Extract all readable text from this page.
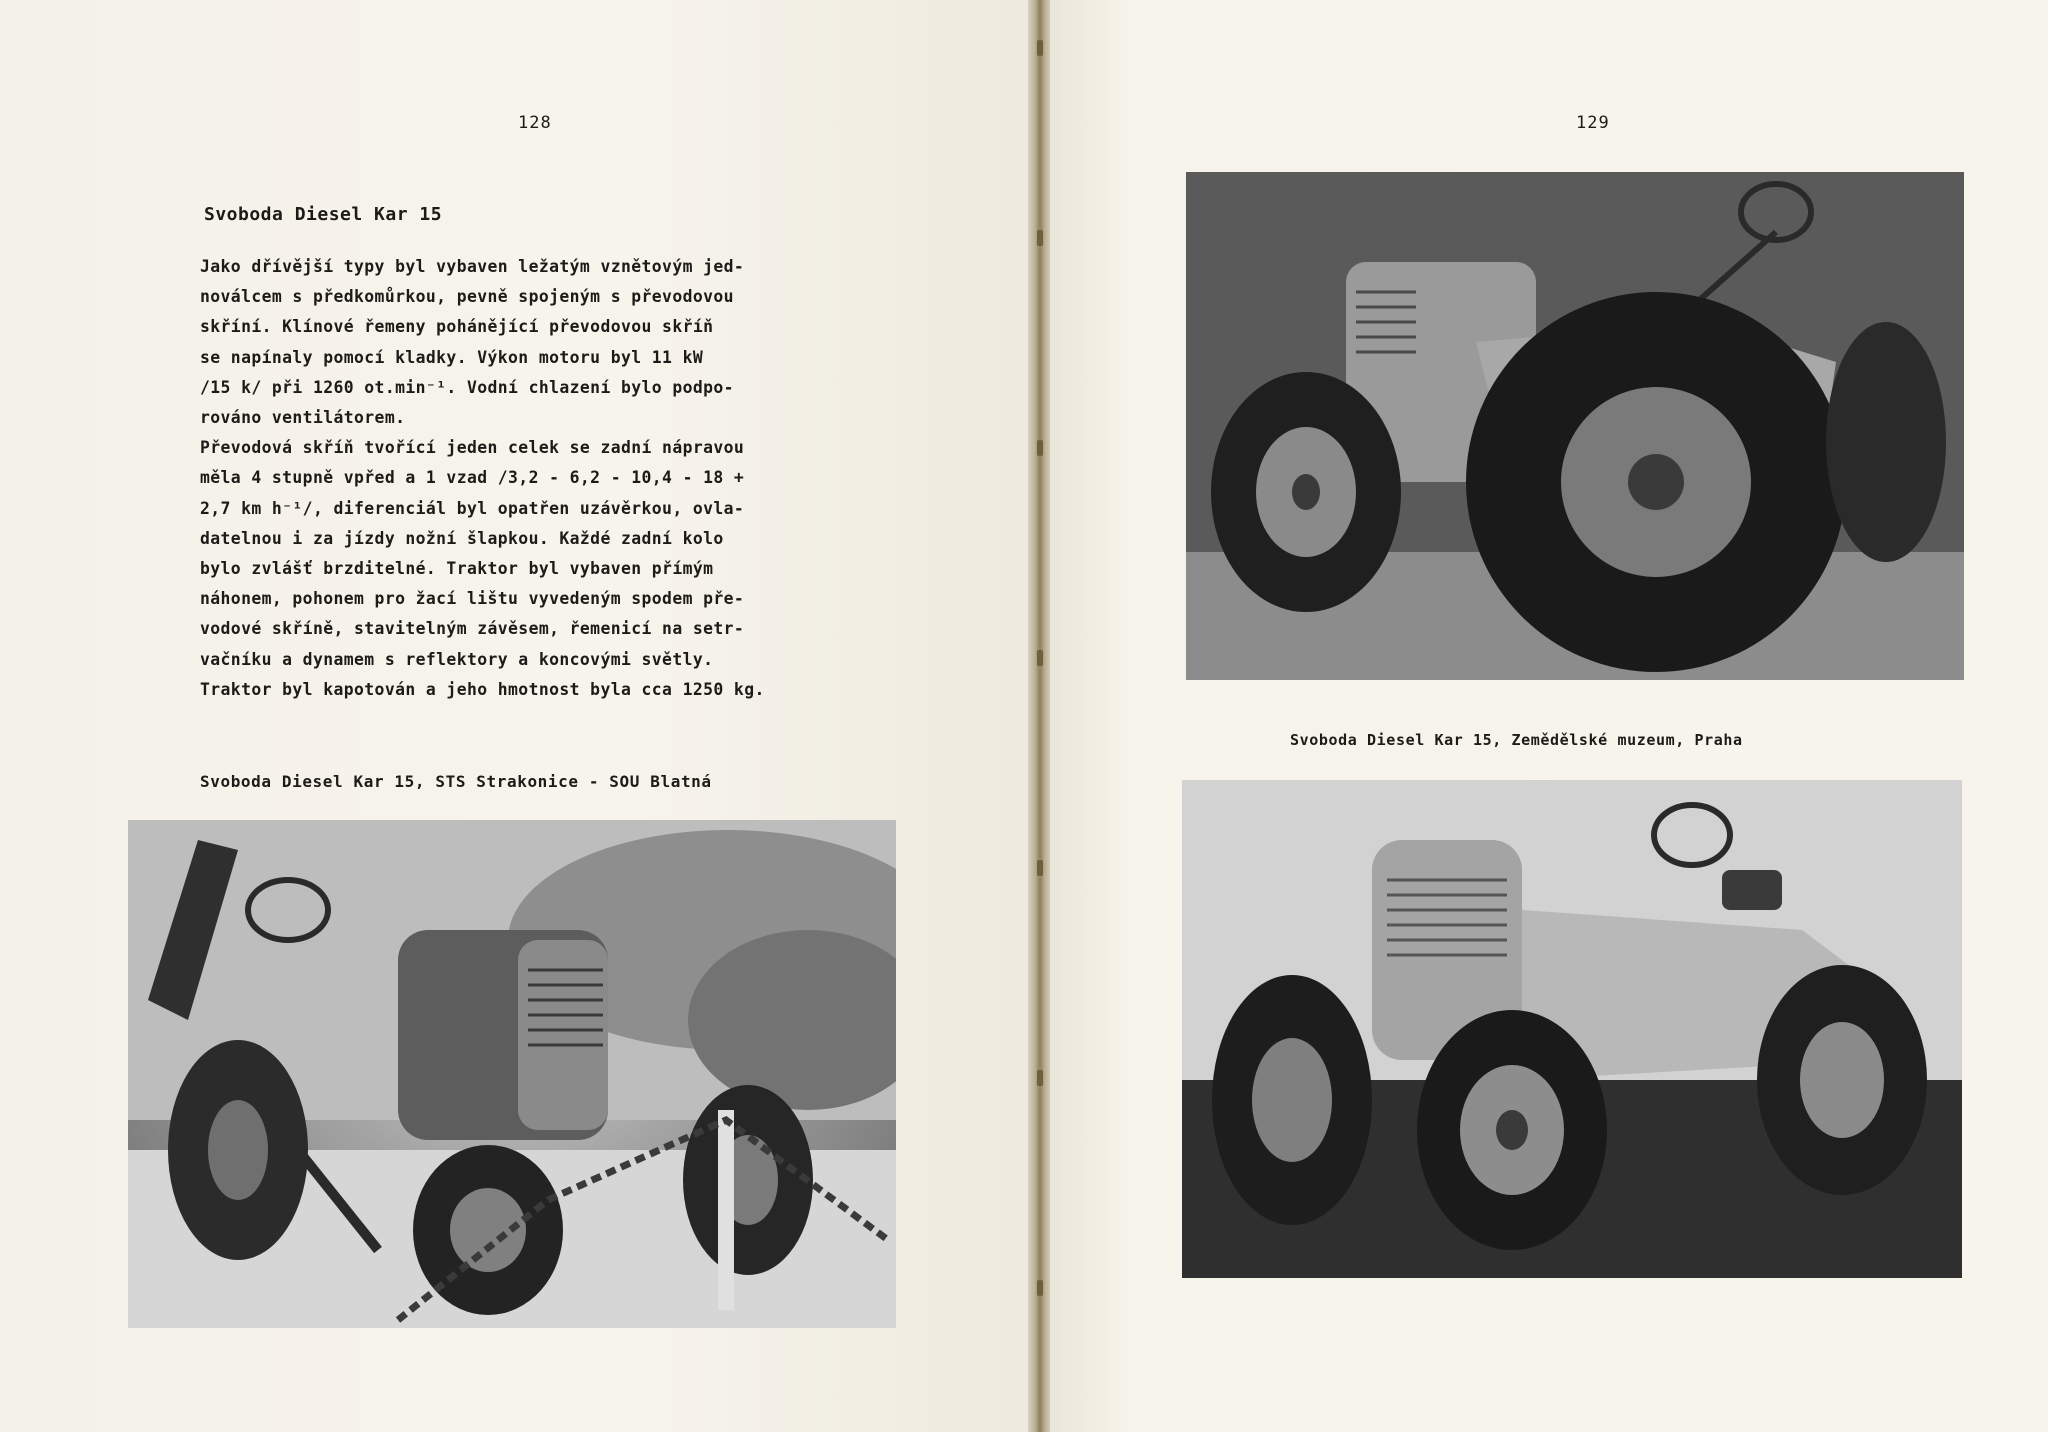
128
Svoboda Diesel Kar 15
Jako dřívější typy byl vybaven ležatým vznětovým jed-
noválcem s předkomůrkou, pevně spojeným s převodovou
skříní. Klínové řemeny pohánějící převodovou skříň
se napínaly pomocí kladky. Výkon motoru byl 11 kW
/15 k/ při 1260 ot.min⁻¹. Vodní chlazení bylo podpo-
rováno ventilátorem.
Převodová skříň tvořící jeden celek se zadní nápravou
měla 4 stupně vpřed a 1 vzad /3,2 - 6,2 - 10,4 - 18 +
2,7 km h⁻¹/, diferenciál byl opatřen uzávěrkou, ovla-
datelnou i za jízdy nožní šlapkou. Každé zadní kolo
bylo zvlášť brzditelné. Traktor byl vybaven přímým
náhonem, pohonem pro žací lištu vyvedeným spodem pře-
vodové skříně, stavitelným závěsem, řemenicí na setr-
vačníku a dynamem s reflektory a koncovými světly.
Traktor byl kapotován a jeho hmotnost byla cca 1250 kg.
Svoboda Diesel Kar 15, STS Strakonice - SOU Blatná
129
Svoboda Diesel Kar 15, Zemědělské muzeum, Praha
